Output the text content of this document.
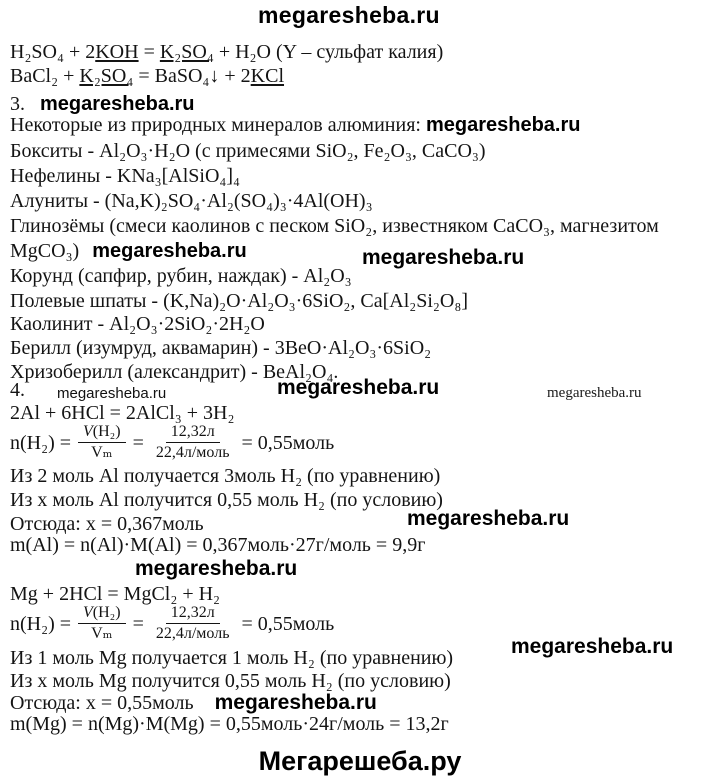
megaresheba.ru
H₂SO₄ + 2KOH = K₂SO₄ + H₂O (Y – сульфат калия)
BaCl₂ + K₂SO₄ = BaSO₄↓ + 2KCl
3. megaresheba.ru
Некоторые из природных минералов алюминия: megaresheba.ru
Бокситы - Al₂O₃·H₂O (с примесями SiO₂, Fe₂O₃, CaCO₃)
Нефелины - KNa₃[AlSiO₄]₄
Алуниты - (Na,K)₂SO₄·Al₂(SO₄)₃·4Al(OH)₃
Глинозёмы (смеси каолинов с песком SiO₂, известняком CaCO₃, магнезитом
MgCO₃) megaresheba.ru	megaresheba.ru
Корунд (сапфир, рубин, наждак) - Al₂O₃
Полевые шпаты - (K,Na)₂O·Al₂O₃·6SiO₂, Ca[Al₂Si₂O₈]
Каолинит - Al₂O₃·2SiO₂·2H₂O
Берилл (изумруд, аквамарин) - 3BeO·Al₂O₃·6SiO₂
Хризоберилл (александрит) - BeAl₂O₄.
4. megaresheba.ru	megaresheba.ru	megaresheba.ru
2Al + 6HCl = 2AlCl₃ + 3H₂
$n(H_2) = \frac{\text{V(H₂)}}{\text{Vₘ}} = \frac{12,32л}{\text{22,4л/моль}}$ = 0,55моль
Из 2 моль Al получается 3моль H₂ (по уравнению)
Из x моль Al получится 0,55 моль H₂ (по условию)
Отсюда: x = 0,367моль	megaresheba.ru
m(Al) = n(Al)·M(Al) = 0,367моль·27г/моль = 9,9г
megaresheba.ru
Mg + 2HCl = MgCl₂ + H₂
$n(H_2) = \frac{\text{V(H₂)}}{\text{Vₘ}} = \frac{12,32л}{\text{22,4л/моль}}$ = 0,55моль
megaresheba.ru
Из 1 моль Mg получается 1 моль H₂ (по уравнению)
Из x моль Mg получится 0,55 моль H₂ (по условию)
Отсюда: x = 0,55моль megaresheba.ru
m(Mg) = n(Mg)·M(Mg) = 0,55моль·24г/моль = 13,2г
Мегарешеба.ру
